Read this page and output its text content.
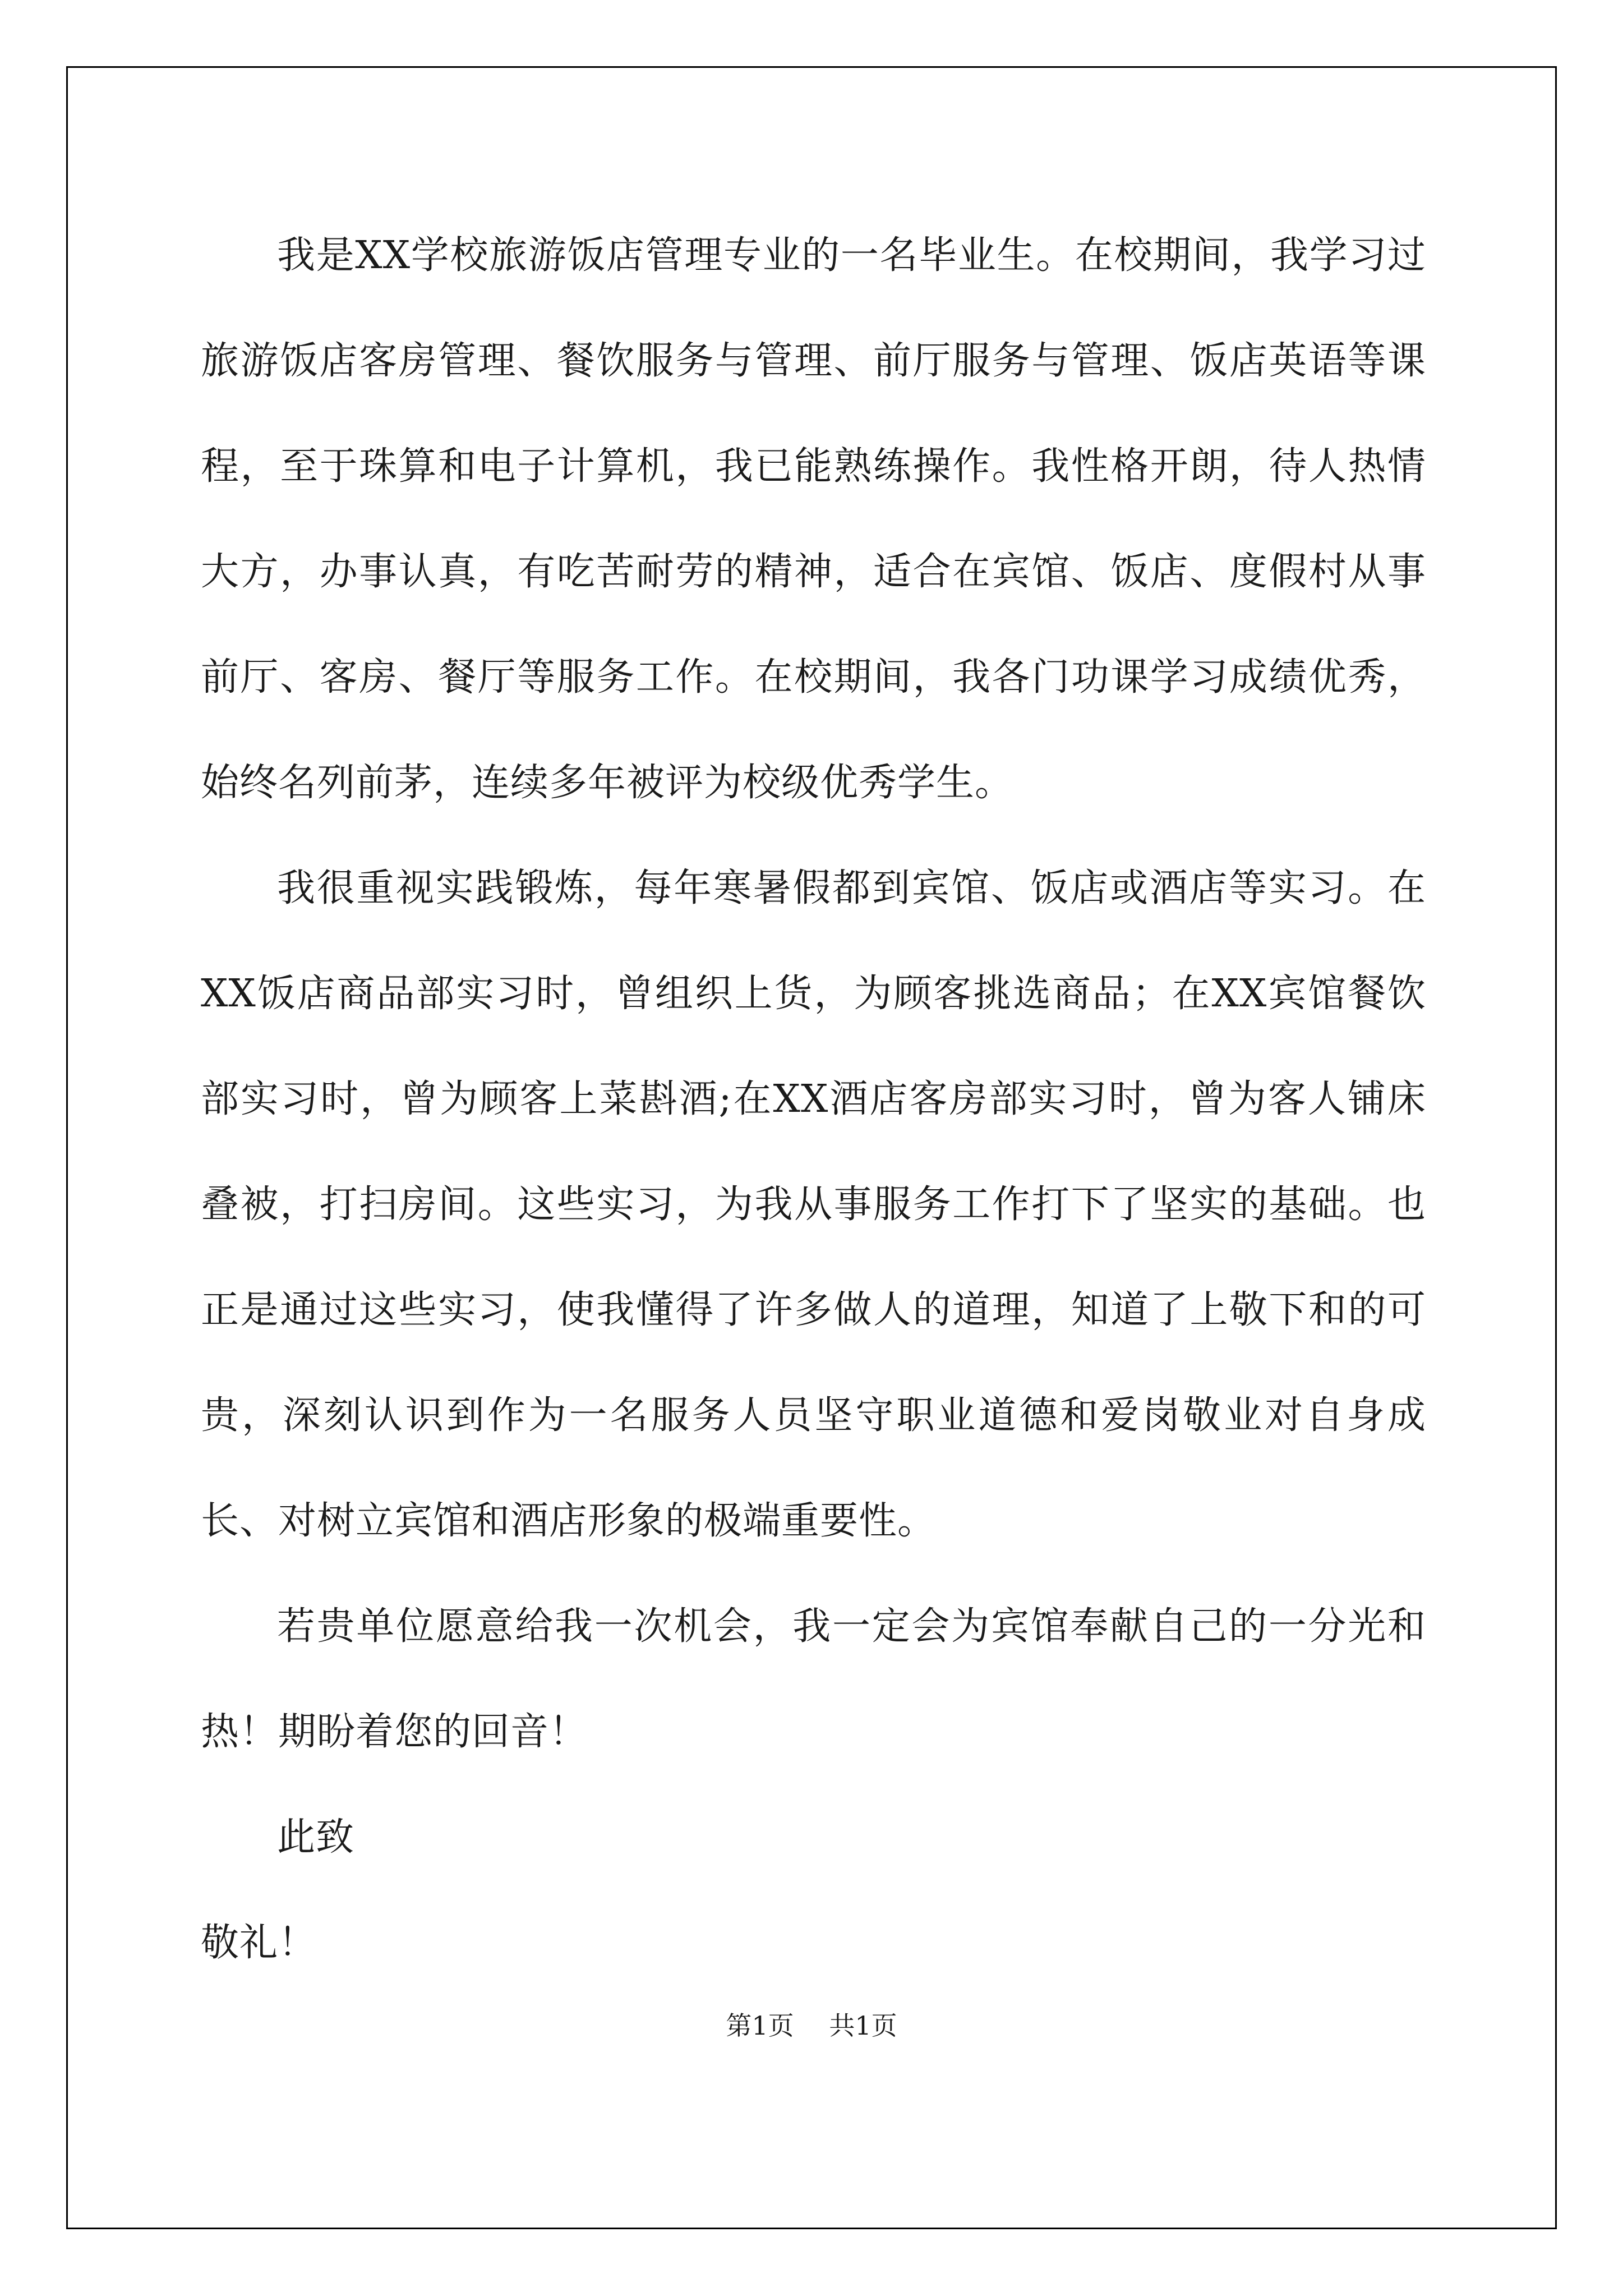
我是XX学校旅游饭店管理专业的一名毕业生。在校期间，我学习过旅游饭店客房管理、餐饮服务与管理、前厅服务与管理、饭店英语等课程，至于珠算和电子计算机，我已能熟练操作。我性格开朗，待人热情大方，办事认真，有吃苦耐劳的精神，适合在宾馆、饭店、度假村从事前厅、客房、餐厅等服务工作。在校期间，我各门功课学习成绩优秀，始终名列前茅，连续多年被评为校级优秀学生。

我很重视实践锻炼，每年寒暑假都到宾馆、饭店或酒店等实习。在XX饭店商品部实习时，曾组织上货，为顾客挑选商品；在XX宾馆餐饮部实习时，曾为顾客上菜斟酒;在XX酒店客房部实习时，曾为客人铺床叠被，打扫房间。这些实习，为我从事服务工作打下了坚实的基础。也正是通过这些实习，使我懂得了许多做人的道理，知道了上敬下和的可贵，深刻认识到作为一名服务人员坚守职业道德和爱岗敬业对自身成长、对树立宾馆和酒店形象的极端重要性。

若贵单位愿意给我一次机会，我一定会为宾馆奉献自己的一分光和热！期盼着您的回音！

此致

敬礼！

第1页 共1页
